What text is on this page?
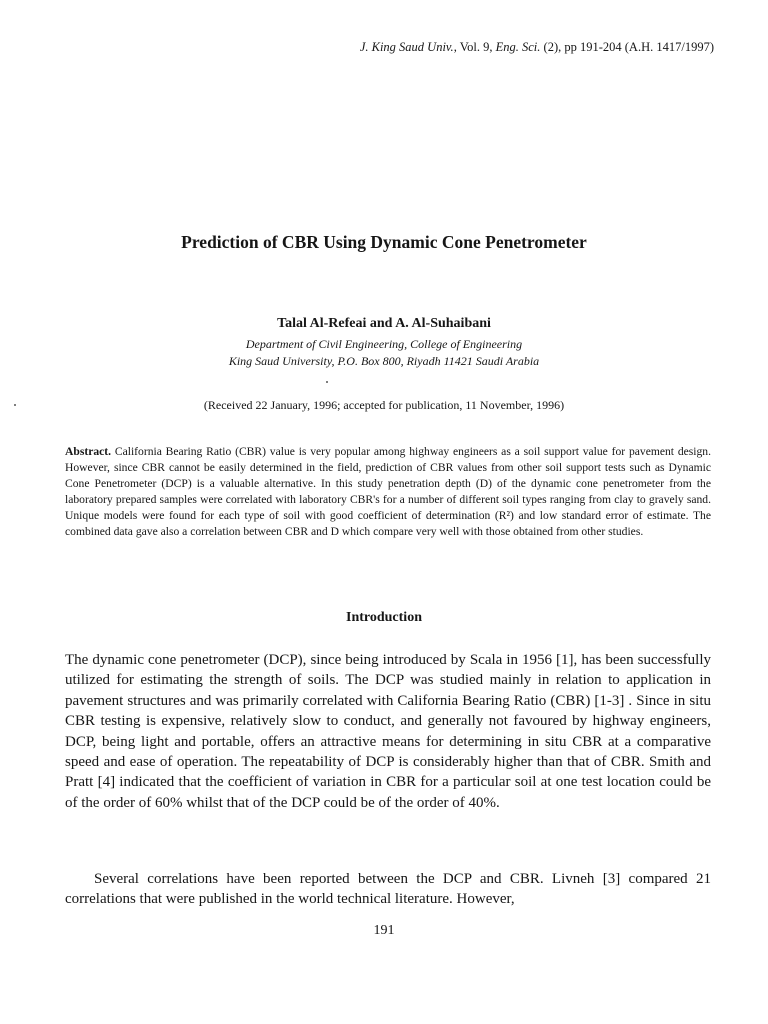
J. King Saud Univ., Vol. 9, Eng. Sci. (2), pp 191-204 (A.H. 1417/1997)
Prediction of CBR Using Dynamic Cone Penetrometer
Talal Al-Refeai and A. Al-Suhaibani
Department of Civil Engineering, College of Engineering
King Saud University, P.O. Box 800, Riyadh 11421 Saudi Arabia
(Received 22 January, 1996; accepted for publication, 11 November, 1996)
Abstract. California Bearing Ratio (CBR) value is very popular among highway engineers as a soil support value for pavement design. However, since CBR cannot be easily determined in the field, prediction of CBR values from other soil support tests such as Dynamic Cone Penetrometer (DCP) is a valuable alternative. In this study penetration depth (D) of the dynamic cone penetrometer from the laboratory prepared samples were correlated with laboratory CBR's for a number of different soil types ranging from clay to gravely sand. Unique models were found for each type of soil with good coefficient of determination (R²) and low standard error of estimate. The combined data gave also a correlation between CBR and D which compare very well with those obtained from other studies.
Introduction
The dynamic cone penetrometer (DCP), since being introduced by Scala in 1956 [1], has been successfully utilized for estimating the strength of soils. The DCP was studied mainly in relation to application in pavement structures and was primarily correlated with California Bearing Ratio (CBR) [1-3] . Since in situ CBR testing is expensive, relatively slow to conduct, and generally not favoured by highway engineers, DCP, being light and portable, offers an attractive means for determining in situ CBR at a comparative speed and ease of operation. The repeatability of DCP is considerably higher than that of CBR. Smith and Pratt [4] indicated that the coefficient of variation in CBR for a particular soil at one test location could be of the order of 60% whilst that of the DCP could be of the order of 40%.
Several correlations have been reported between the DCP and CBR. Livneh [3] compared 21 correlations that were published in the world technical literature. However,
191
